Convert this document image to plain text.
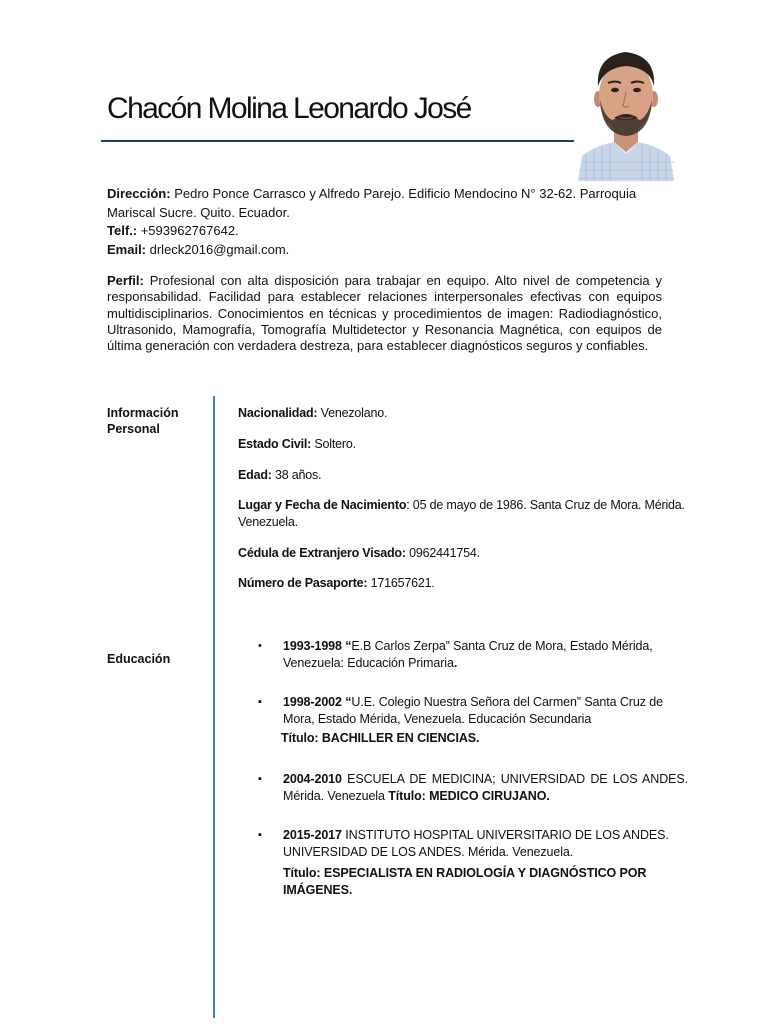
Chacón Molina Leonardo José
Dirección: Pedro Ponce Carrasco y Alfredo Parejo. Edificio Mendocino N° 32-62. Parroquia Mariscal Sucre. Quito. Ecuador.
Telf.: +593962767642.
Email: drleck2016@gmail.com.
Perfil: Profesional con alta disposición para trabajar en equipo. Alto nivel de competencia y responsabilidad. Facilidad para establecer relaciones interpersonales efectivas con equipos multidisciplinarios. Conocimientos en técnicas y procedimientos de imagen: Radiodiagnóstico, Ultrasonido, Mamografía, Tomografía Multidetector y Resonancia Magnética, con equipos de última generación con verdadera destreza, para establecer diagnósticos seguros y confiables.
Información Personal
Educación
Nacionalidad: Venezolano.
Estado Civil: Soltero.
Edad: 38 años.
Lugar y Fecha de Nacimiento: 05 de mayo de 1986. Santa Cruz de Mora. Mérida. Venezuela.
Cédula de Extranjero Visado: 0962441754.
Número de Pasaporte: 171657621.
•	1993-1998 “E.B Carlos Zerpa” Santa Cruz de Mora, Estado Mérida, Venezuela: Educación Primaria.
▪	1998-2002 “U.E. Colegio Nuestra Señora del Carmen” Santa Cruz de Mora, Estado Mérida, Venezuela. Educación Secundaria
Título: BACHILLER EN CIENCIAS.
▪	2004-2010 ESCUELA DE MEDICINA; UNIVERSIDAD DE LOS ANDES. Mérida. Venezuela Título: MEDICO CIRUJANO.
▪	2015-2017 INSTITUTO HOSPITAL UNIVERSITARIO DE LOS ANDES. UNIVERSIDAD DE LOS ANDES. Mérida. Venezuela.
Título: ESPECIALISTA EN RADIOLOGÍA Y DIAGNÓSTICO POR IMÁGENES.
